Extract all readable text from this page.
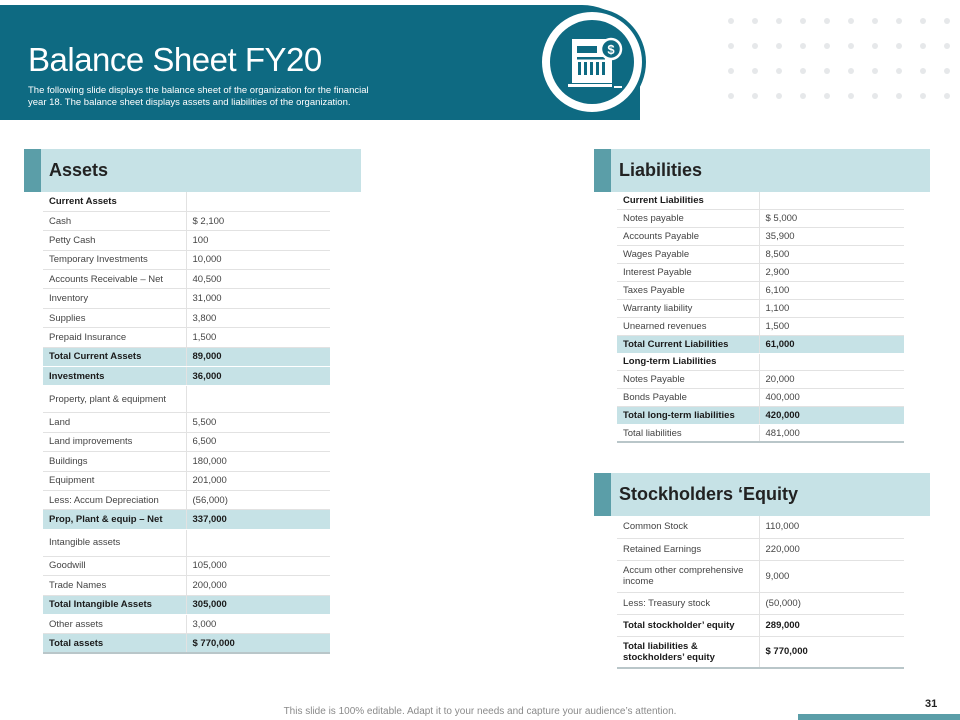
Balance Sheet FY20

The following slide displays the balance sheet of the organization for the financial year 18. The balance sheet displays assets and liabilities of the organization.

$
Assets
Current Assets	
Cash	$ 2,100
Petty Cash	100
Temporary Investments	10,000
Accounts Receivable – Net	40,500
Inventory	31,000
Supplies	3,800
Prepaid Insurance	1,500
Total Current Assets	89,000
Investments	36,000
Property, plant & equipment	
Land	5,500
Land improvements	6,500
Buildings	180,000
Equipment	201,000
Less: Accum Depreciation	(56,000)
Prop, Plant & equip – Net	337,000
Intangible assets	
Goodwill	105,000
Trade Names	200,000
Total Intangible Assets	305,000
Other assets	3,000
Total assets	$ 770,000
Liabilities
Current Liabilities	
Notes payable	$ 5,000
Accounts Payable	35,900
Wages Payable	8,500
Interest Payable	2,900
Taxes Payable	6,100
Warranty liability	1,100
Unearned revenues	1,500
Total Current Liabilities	61,000
Long-term Liabilities	
Notes Payable	20,000
Bonds Payable	400,000
Total long-term liabilities	420,000
Total liabilities	481,000
Stockholders ‘Equity
Common Stock	110,000
Retained Earnings	220,000
Accum other comprehensive income	9,000
Less: Treasury stock	(50,000)
Total stockholder’ equity	289,000
Total liabilities & stockholders’ equity	$ 770,000
This slide is 100% editable. Adapt it to your needs and capture your audience’s attention.
31
